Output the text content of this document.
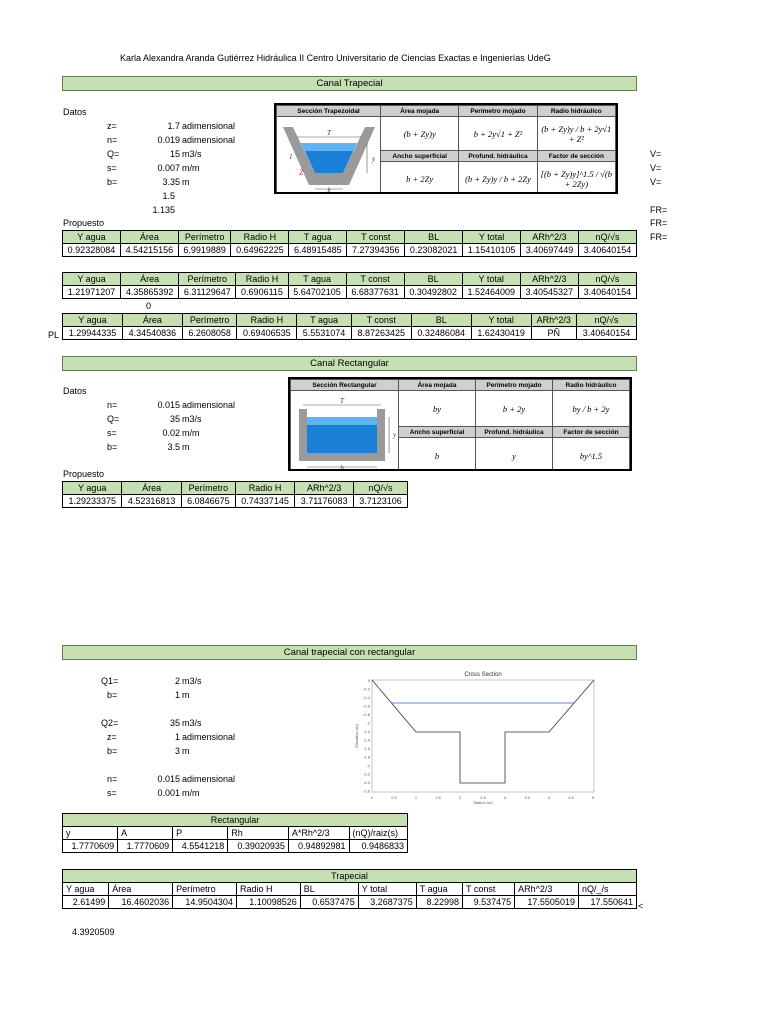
Karla Alexandra Aranda Gutiérrez Hidráulica II Centro Universitario de Ciencias Exactas e Ingenierías UdeG
Canal Trapecial
Datos
z=	1.7 adimensional
n=	0.019 adimensional
Q=	15 m3/s
s=	0.007 m/m
b=	3.35 m
1.5
1.135
V=
V=
V=
FR=
FR=
FR=
Sección Trapezoidal	Área mojada	Perímetro mojado	Radio hidráulico

T
y
1
Z
b	(b + Zy)y	b + 2y√1 + Z²	(b + Zy)y / b + 2y√1 + Z²
	Ancho superficial	Profund. hidráulica	Factor de sección
	b + 2Zy	(b + Zy)y / b + 2Zy	[(b + Zy)y]^1.5 / √(b + 2Zy)
Propuesto
Y agua	Área	Perímetro	Radio H	T agua	T const	BL	Y total	ARh^2/3	nQ/√s
0.92328084	4.54215156	6.9919889	0.64962225	6.48915485	7.27394356	0.23082021	1.15410105	3.40697449	3.40640154
Y agua	Área	Perímetro	Radio H	T agua	T const	BL	Y total	ARh^2/3	nQ/√s
1.21971207	4.35865392	6.31129647	0.6906115	5.64702105	6.68377631	0.30492802	1.52464009	3.40545327	3.40640154
0
PL
Y agua	Área	Perímetro	Radio H	T agua	T const	BL	Y total	ARh^2/3	nQ/√s
1.29944335	4.34540836	6.2608058	0.69406535	5.5531074	8.87263425	0.32486084	1.62430419	PÑ	3.40640154
Canal Rectangular
Datos
n=	0.015 adimensional
Q=	35 m3/s
s=	0.02 m/m
b=	3.5 m
Sección Rectangular	Área mojada	Perímetro mojado	Radio hidráulico

T
y
b	by	b + 2y	by / b + 2y
	Ancho superficial	Profund. hidráulica	Factor de sección
	b	y	by^1.5
Propuesto
Y agua	Área	Perímetro	Radio H	ARh^2/3	nQ/√s
1.29233375	4.52316813	6.0846675	0.74337145	3.71176083	3.7123106
Canal trapecial con rectangular
Q1=	2 m3/s
b=	1 m
Q2=	35 m3/s
z=	1 adimensional
b=	3 m
n=	0.015 adimensional
s=	0.001 m/m
Cross Section
0	0.5	1	1.5	2	2.5	3	3.5	4	4.5	5
0
-0.2
-0.4
-0.6
-0.8
-1
-1.2
-1.4
-1.6
-1.8
-2
-2.2
-2.4
-2.6
Station (m)
Elevation (m)
Rectangular					
y	A	P	Rh	A*Rh^2/3	(nQ)/raiz(s)
1.7770609	1.7770609	4.5541218	0.39020935	0.94892981	0.9486833
Trapecial									
Y agua	Área	Perímetro	Radio H	BL	Y total	T agua	T const	ARh^2/3	nQ/_/s
2.61499	16.4602036	14.9504304	1.10098526	0.6537475	3.2687375	8.22998	9.537475	17.5505019	17.550641 <
4.3920509
